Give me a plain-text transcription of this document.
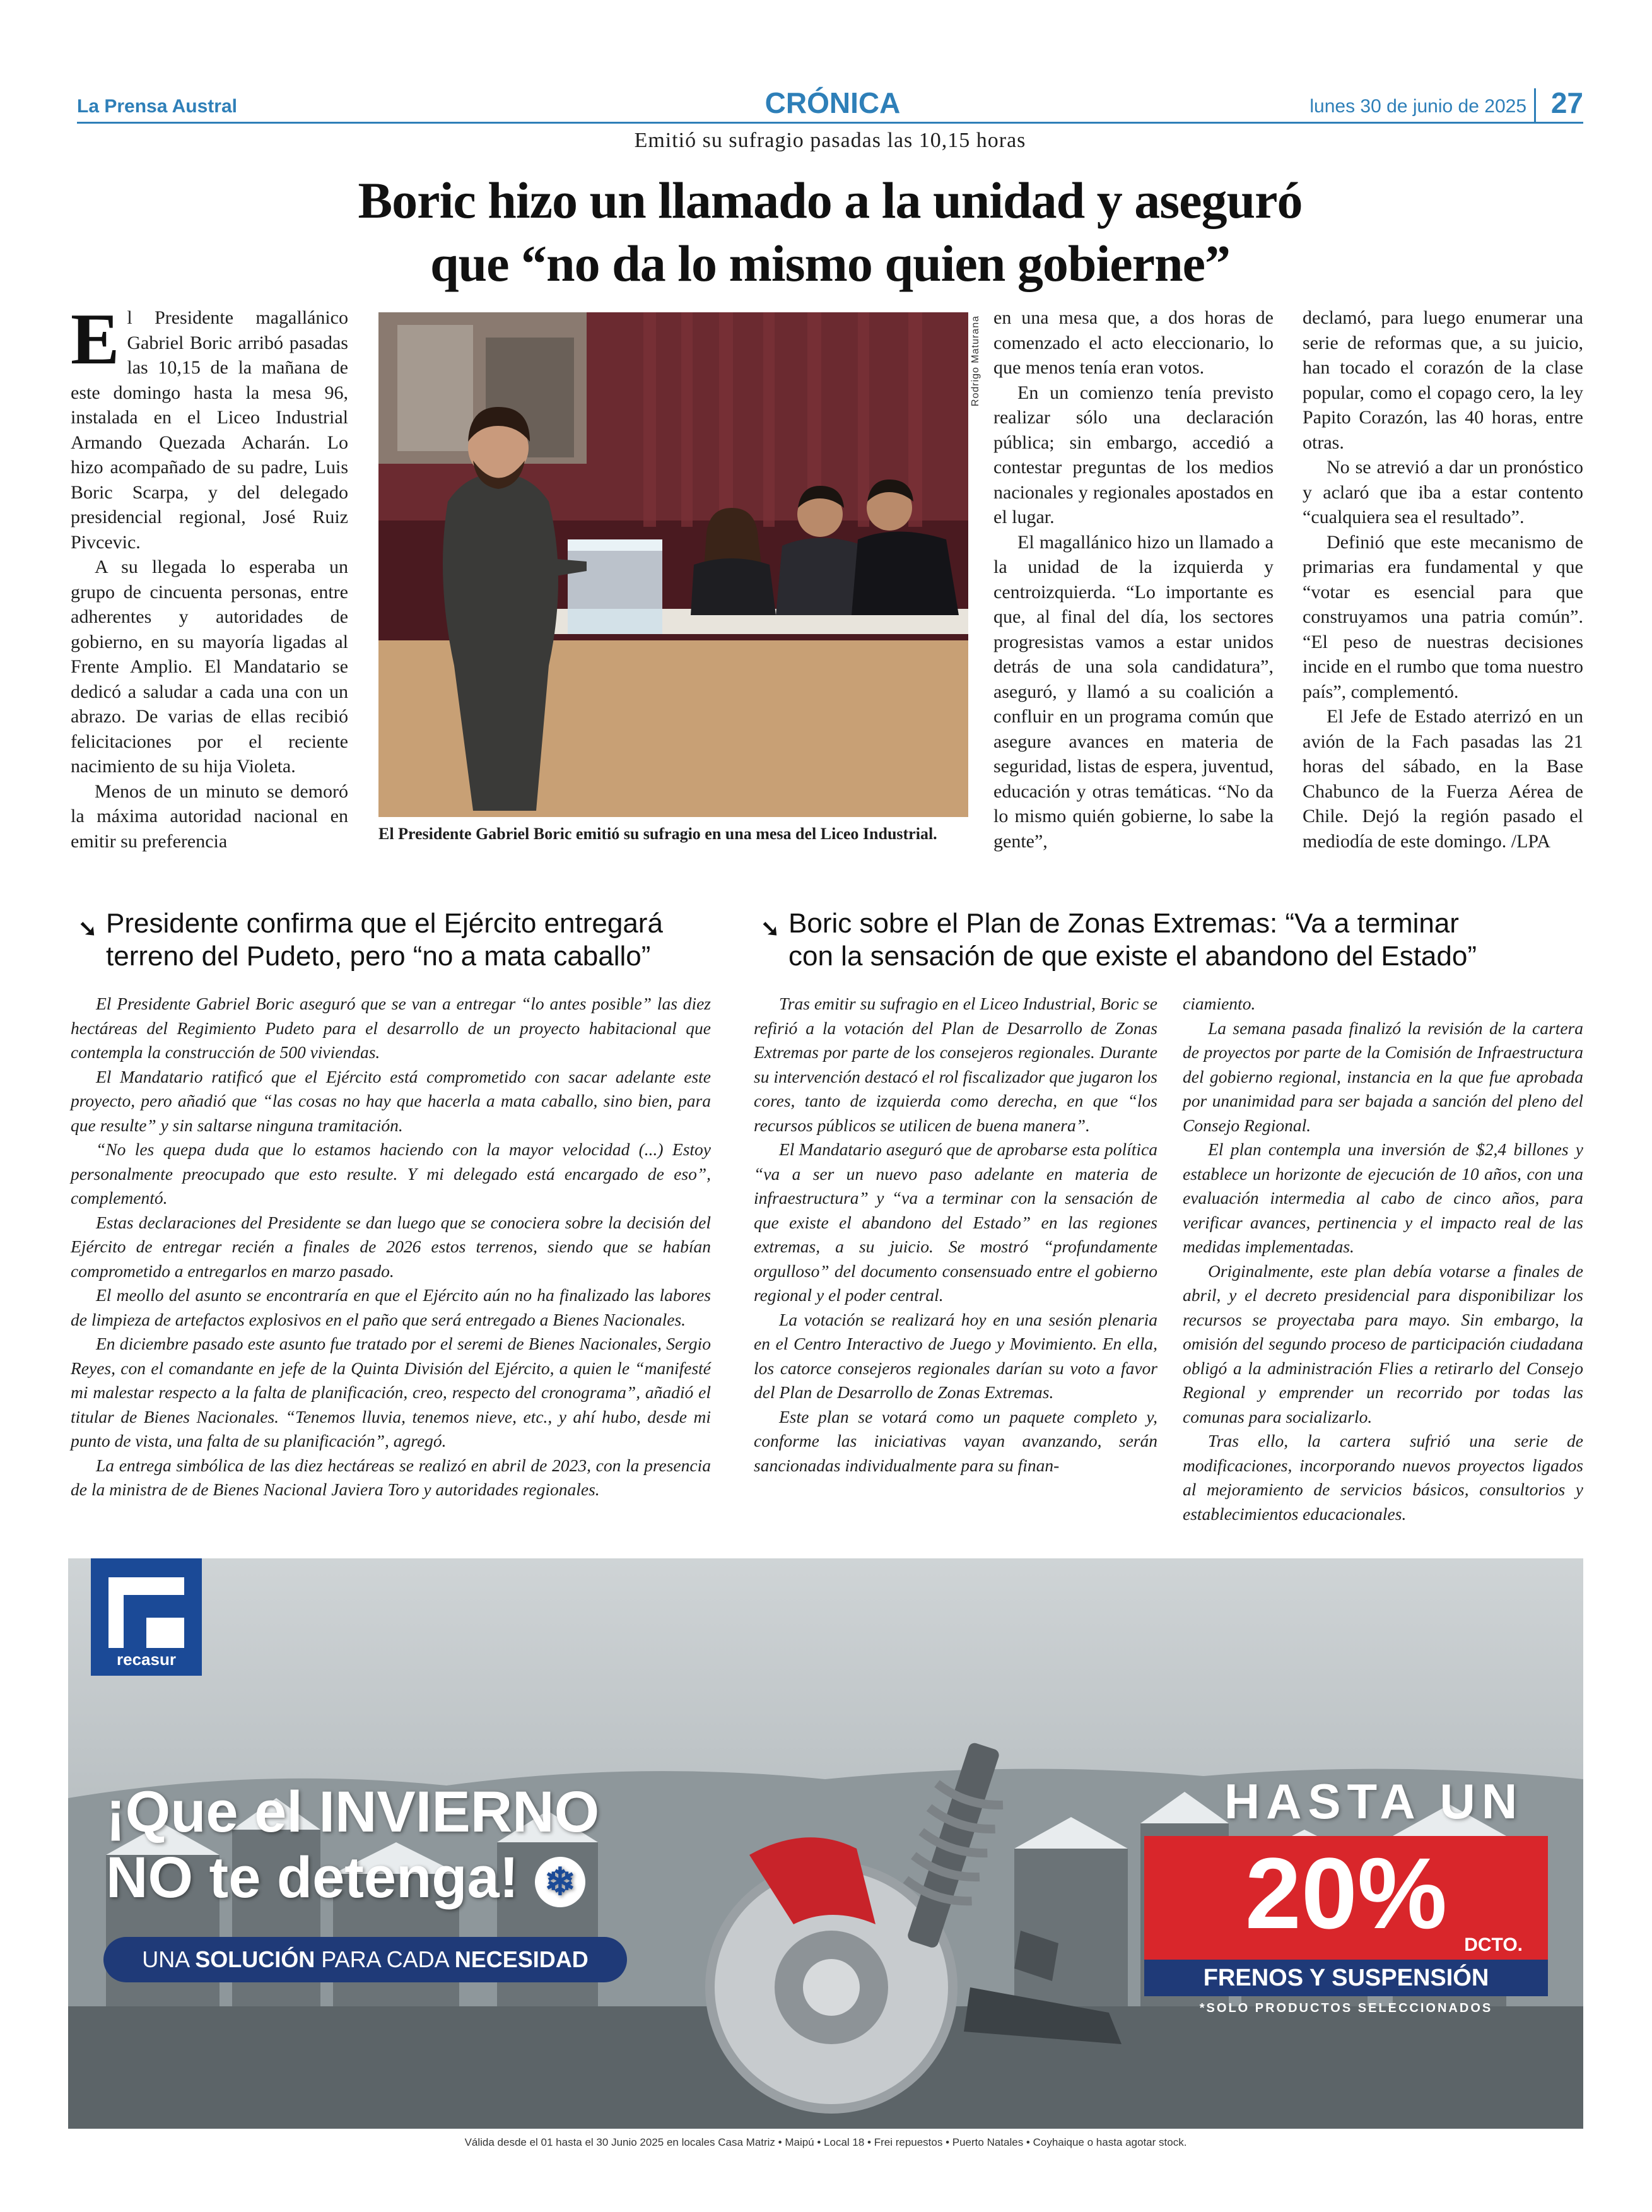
La Prensa Austral	CRÓNICA	lunes 30 de junio de 2025 27
Emitió su sufragio pasadas las 10,15 horas
Boric hizo un llamado a la unidad y aseguró
que “no da lo mismo quien gobierne”
E l Presidente magallánico Gabriel Boric arribó pasadas las 10,15 de la mañana de este domingo hasta la mesa 96, instalada en el Liceo Industrial Armando Quezada Acharán. Lo hizo acompañado de su padre, Luis Boric Scarpa, y del delegado presidencial regional, José Ruiz Pivcevic.

A su llegada lo esperaba un grupo de cincuenta personas, entre adherentes y autoridades de gobierno, en su mayoría ligadas al Frente Amplio. El Mandatario se dedicó a saludar a cada una con un abrazo. De varias de ellas recibió felicitaciones por el reciente nacimiento de su hija Violeta.

Menos de un minuto se demoró la máxima autoridad nacional en emitir su preferencia

Rodrigo Maturana
El Presidente Gabriel Boric emitió su sufragio en una mesa del Liceo Industrial.

en una mesa que, a dos horas de comenzado el acto eleccionario, lo que menos tenía eran votos.

En un comienzo tenía previsto realizar sólo una declaración pública; sin embargo, accedió a contestar preguntas de los medios nacionales y regionales apostados en el lugar.

El magallánico hizo un llamado a la unidad de la izquierda y centroizquierda. “Lo importante es que, al final del día, los sectores progresistas vamos a estar unidos detrás de una sola candidatura”, aseguró, y llamó a su coalición a confluir en un programa común que asegure avances en materia de seguridad, listas de espera, juventud, educación y otras temáticas. “No da lo mismo quién gobierne, lo sabe la gente”,

declamó, para luego enumerar una serie de reformas que, a su juicio, han tocado el corazón de la clase popular, como el copago cero, la ley Papito Corazón, las 40 horas, entre otras.

No se atrevió a dar un pronóstico y aclaró que iba a estar contento “cualquiera sea el resultado”.

Definió que este mecanismo de primarias era fundamental y que “votar es esencial para que construyamos una patria común”. “El peso de nuestras decisiones incide en el rumbo que toma nuestro país”, complementó.

El Jefe de Estado aterrizó en un avión de la Fach pasadas las 21 horas del sábado, en la Base Chabunco de la Fuerza Aérea de Chile. Dejó la región pasado el mediodía de este domingo. /LPA

➘ Presidente confirma que el Ejército entregará
terreno del Pudeto, pero “no a mata caballo”

El Presidente Gabriel Boric aseguró que se van a entregar “lo antes posible” las diez hectáreas del Regimiento Pudeto para el desarrollo de un proyecto habitacional que contempla la construcción de 500 viviendas.

El Mandatario ratificó que el Ejército está comprometido con sacar adelante este proyecto, pero añadió que “las cosas no hay que hacerla a mata caballo, sino bien, para que resulte” y sin saltarse ninguna tramitación.

“No les quepa duda que lo estamos haciendo con la mayor velocidad (...) Estoy personalmente preocupado que esto resulte. Y mi delegado está encargado de eso”, complementó.

Estas declaraciones del Presidente se dan luego que se conociera sobre la decisión del Ejército de entregar recién a finales de 2026 estos terrenos, siendo que se habían comprometido a entregarlos en marzo pasado.

El meollo del asunto se encontraría en que el Ejército aún no ha finalizado las labores de limpieza de artefactos explosivos en el paño que será entregado a Bienes Nacionales.

En diciembre pasado este asunto fue tratado por el seremi de Bienes Nacionales, Sergio Reyes, con el comandante en jefe de la Quinta División del Ejército, a quien le “manifesté mi malestar respecto a la falta de planificación, creo, respecto del cronograma”, añadió el titular de Bienes Nacionales. “Tenemos lluvia, tenemos nieve, etc., y ahí hubo, desde mi punto de vista, una falta de su planificación”, agregó.

La entrega simbólica de las diez hectáreas se realizó en abril de 2023, con la presencia de la ministra de de Bienes Nacional Javiera Toro y autoridades regionales.

➘ Boric sobre el Plan de Zonas Extremas: “Va a terminar
con la sensación de que existe el abandono del Estado”

Tras emitir su sufragio en el Liceo Industrial, Boric se refirió a la votación del Plan de Desarrollo de Zonas Extremas por parte de los consejeros regionales. Durante su intervención destacó el rol fiscalizador que jugaron los cores, tanto de izquierda como derecha, en que “los recursos públicos se utilicen de buena manera”.

El Mandatario aseguró que de aprobarse esta política “va a ser un nuevo paso adelante en materia de infraestructura” y “va a terminar con la sensación de que existe el abandono del Estado” en las regiones extremas, a su juicio. Se mostró “profundamente orgulloso” del documento consensuado entre el gobierno regional y el poder central.

La votación se realizará hoy en una sesión plenaria en el Centro Interactivo de Juego y Movimiento. En ella, los catorce consejeros regionales darían su voto a favor del Plan de Desarrollo de Zonas Extremas.

Este plan se votará como un paquete completo y, conforme las iniciativas vayan avanzando, serán sancionadas individualmente para su finan-

ciamiento.

La semana pasada finalizó la revisión de la cartera de proyectos por parte de la Comisión de Infraestructura del gobierno regional, instancia en la que fue aprobada por unanimidad para ser bajada a sanción del pleno del Consejo Regional.

El plan contempla una inversión de $2,4 billones y establece un horizonte de ejecución de 10 años, con una evaluación intermedia al cabo de cinco años, para verificar avances, pertinencia y el impacto real de las medidas implementadas.

Originalmente, este plan debía votarse a finales de abril, y el decreto presidencial para disponibilizar los recursos se proyectaba para mayo. Sin embargo, la omisión del segundo proceso de participación ciudadana obligó a la administración Flies a retirarlo del Consejo Regional y emprender un recorrido por todas las comunas para socializarlo.

Tras ello, la cartera sufrió una serie de modificaciones, incorporando nuevos proyectos ligados al mejoramiento de servicios básicos, consultorios y establecimientos educacionales.

recasur
¡Que el INVIERNO
NO te detenga! ❄
UNA SOLUCIÓN PARA CADA NECESIDAD
HASTA UN
20% DCTO.
FRENOS Y SUSPENSIÓN
*SOLO PRODUCTOS SELECCIONADOS
Válida desde el 01 hasta el 30 Junio 2025 en locales Casa Matriz • Maipú • Local 18 • Frei repuestos • Puerto Natales • Coyhaique o hasta agotar stock.
